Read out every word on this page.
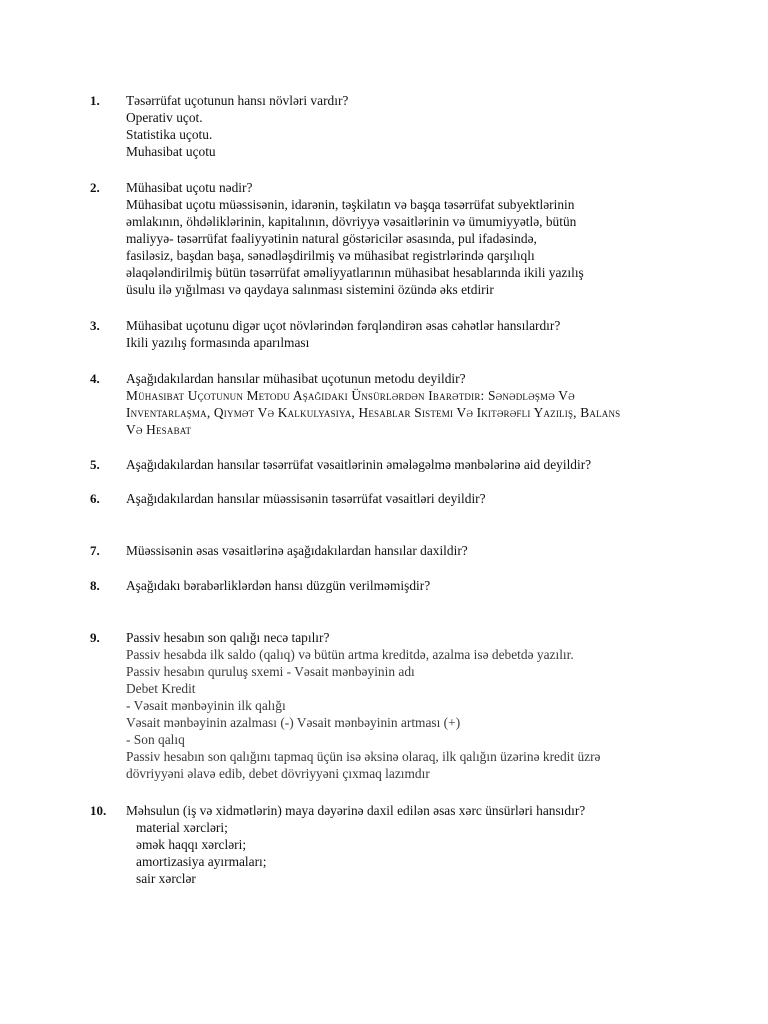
1. Təsərrüfat uçotunun hansı növləri vardır?
Operativ uçot.
Statistika uçotu.
Muhasibat uçotu
2. Mühasibat uçotu nədir?
Mühasibat uçotu müəssisənin, idarənin, təşkilatın və başqa təsərrüfat subyektlərinin
əmlakının, öhdəliklərinin, kapitalının, dövriyyə vəsaitlərinin və ümumiyyətlə, bütün
maliyyə- təsərrüfat fəaliyyətinin natural göstəricilər əsasında, pul ifadəsində,
fasiləsiz, başdan başa, sənədləşdirilmiş və mühasibat registrlərində qarşılıqlı
əlaqələndirilmiş bütün təsərrüfat əməliyyatlarının mühasibat hesablarında ikili yazılış
üsulu ilə yığılması və qaydaya salınması sistemini özündə əks etdirir
3. Mühasibat uçotunu digər uçot növlərindən fərqləndirən əsas cəhətlər hansılardır?
Ikili yazılış formasında aparılması
4. Aşağıdakılardan hansılar mühasibat uçotunun metodu deyildir?
Mühasibat Uçotunun Metodu Aşağıdakı Ünsürlərdən Ibarətdir: Sənədləşmə Və
Inventarlaşma, Qiymət Və Kalkulyasiya, Hesablar Sistemi Və Ikitərəfli Yazılış, Balans
Və Hesabat
5. Aşağıdakılardan hansılar təsərrüfat vəsaitlərinin əmələgəlmə mənbələrinə aid deyildir?
6. Aşağıdakılardan hansılar müəssisənin təsərrüfat vəsaitləri deyildir?
7. Müəssisənin əsas vəsaitlərinə aşağıdakılardan hansılar daxildir?
8. Aşağıdakı bərabərliklərdən hansı düzgün verilməmişdir?
9. Passiv hesabın son qalığı necə tapılır?
Passiv hesabda ilk saldo (qalıq) və bütün artma kreditdə, azalma isə debetdə yazılır.
Passiv hesabın quruluş sxemi - Vəsait mənbəyinin adı
Debet Kredit
- Vəsait mənbəyinin ilk qalığı
Vəsait mənbəyinin azalması (-) Vəsait mənbəyinin artması (+)
- Son qalıq
Passiv hesabın son qalığını tapmaq üçün isə əksinə olaraq, ilk qalığın üzərinə kredit üzrə
dövriyyəni əlavə edib, debet dövriyyəni çıxmaq lazımdır
10. Məhsulun (iş və xidmətlərin) maya dəyərinə daxil edilən əsas xərc ünsürləri hansıdır?
material xərcləri;
əmək haqqı xərcləri;
amortizasiya ayırmaları;
sair xərclər
